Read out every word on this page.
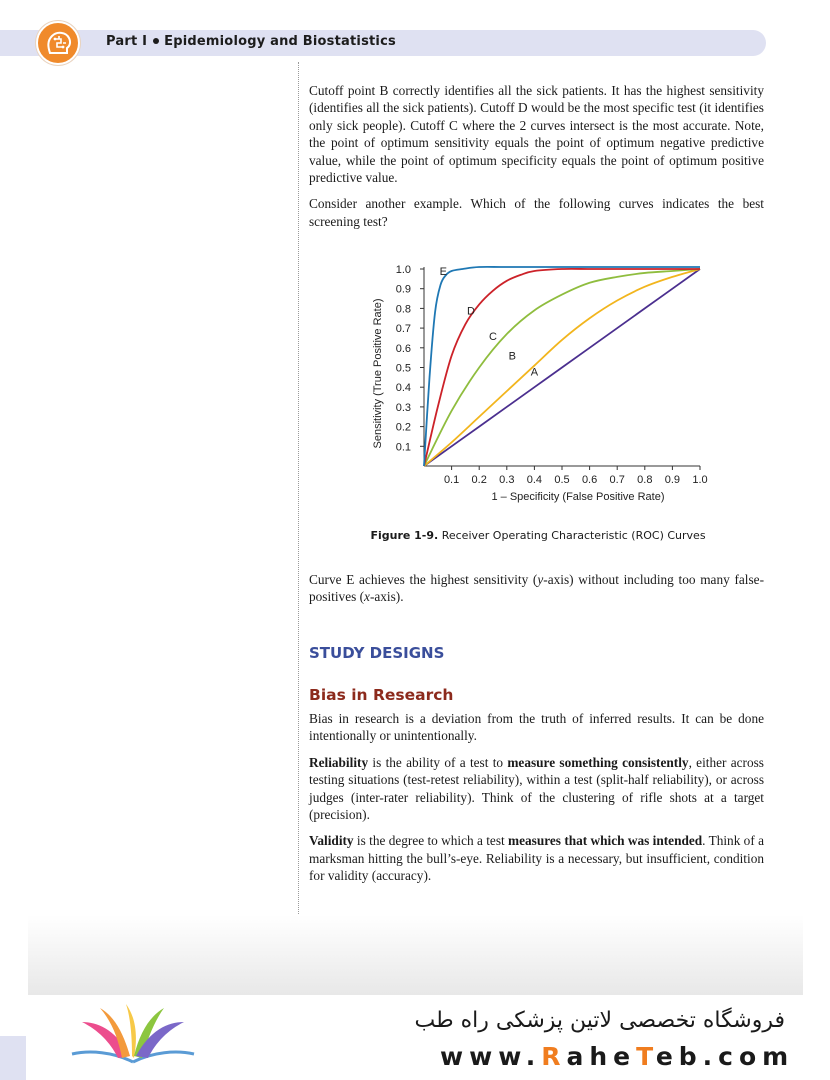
Part I Epidemiology and Biostatistics

Cutoff point B correctly identifies all the sick patients. It has the highest sensitivity (identifies all the sick patients). Cutoff D would be the most specific test (it identifies only sick people). Cutoff C where the 2 curves intersect is the most accurate. Note, the point of optimum sensitivity equals the point of optimum negative predictive value, while the point of optimum specificity equals the point of optimum positive predictive value.

Consider another example. Which of the following curves indicates the best screening test?

0.1 0.2 0.3 0.4 0.5 0.6 0.7 0.8 0.9 1.0
0.1
0.2
0.3
0.4
0.5
0.6
0.7
0.8
0.9
1.0
1 – Specificity (False Positive Rate)
Sensitivity (True Positive Rate)	A
B
C
D
E
Figure 1-9. Receiver Operating Characteristic (ROC) Curves

Curve E achieves the highest sensitivity (y-axis) without including too many false-positives (x-axis).

STUDY DESIGNS
Bias in Research

Bias in research is a deviation from the truth of inferred results. It can be done intentionally or unintentionally.

Reliability is the ability of a test to measure something consistently, either across testing situations (test-retest reliability), within a test (split-half reliability), or across judges (inter-rater reliability). Think of the clustering of rifle shots at a target (precision).

Validity is the degree to which a test measures that which was intended. Think of a marksman hitting the bull’s-eye. Reliability is a necessary, but insufficient, condition for validity (accuracy).

فروشگاه تخصصی لاتین پزشکی راه طب
www.RaheTeb.com
